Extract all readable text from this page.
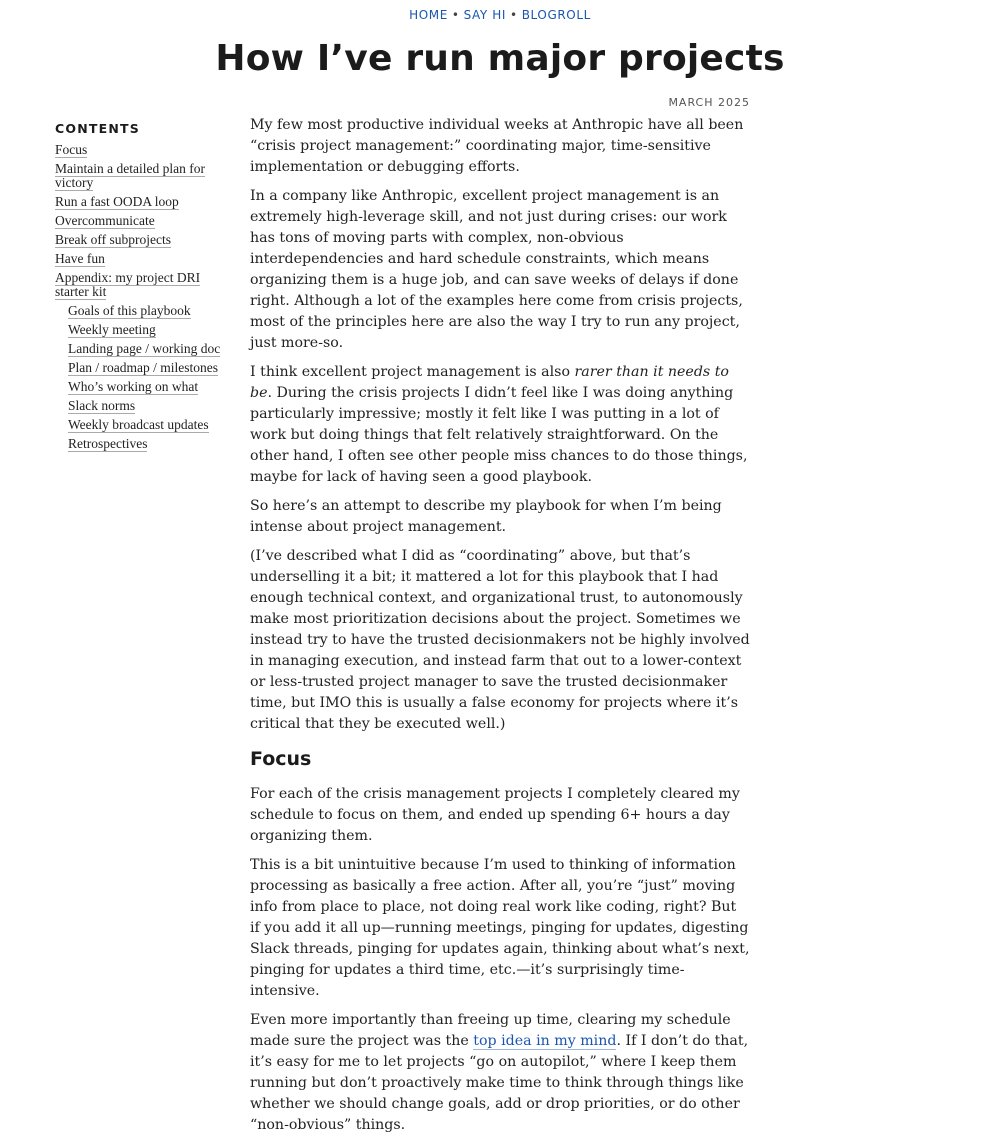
HOME • SAY HI • BLOGROLL
How I’ve run major projects
MARCH 2025
CONTENTS
Focus
Maintain a detailed plan for victory
Run a fast OODA loop
Overcommunicate
Break off subprojects
Have fun
Appendix: my project DRI starter kit
Goals of this playbook
Weekly meeting
Landing page / working doc
Plan / roadmap / milestones
Who’s working on what
Slack norms
Weekly broadcast updates
Retrospectives

My few most productive individual weeks at Anthropic have all been “crisis project management:” coordinating major, time-sensitive implementation or debugging efforts.

In a company like Anthropic, excellent project management is an extremely high-leverage skill, and not just during crises: our work has tons of moving parts with complex, non-obvious interdependencies and hard schedule constraints, which means organizing them is a huge job, and can save weeks of delays if done right. Although a lot of the examples here come from crisis projects, most of the principles here are also the way I try to run any project, just more-so.

I think excellent project management is also rarer than it needs to be. During the crisis projects I didn’t feel like I was doing anything particularly impressive; mostly it felt like I was putting in a lot of work but doing things that felt relatively straightforward. On the other hand, I often see other people miss chances to do those things, maybe for lack of having seen a good playbook.

So here’s an attempt to describe my playbook for when I’m being intense about project management.

(I’ve described what I did as “coordinating” above, but that’s underselling it a bit; it mattered a lot for this playbook that I had enough technical context, and organizational trust, to autonomously make most prioritization decisions about the project. Sometimes we instead try to have the trusted decisionmakers not be highly involved in managing execution, and instead farm that out to a lower-context or less-trusted project manager to save the trusted decisionmaker time, but IMO this is usually a false economy for projects where it’s critical that they be executed well.)

Focus

For each of the crisis management projects I completely cleared my schedule to focus on them, and ended up spending 6+ hours a day organizing them.

This is a bit unintuitive because I’m used to thinking of information processing as basically a free action. After all, you’re “just” moving info from place to place, not doing real work like coding, right? But if you add it all up—running meetings, pinging for updates, digesting Slack threads, pinging for updates again, thinking about what’s next, pinging for updates a third time, etc.—it’s surprisingly time-intensive.

Even more importantly than freeing up time, clearing my schedule made sure the project was the top idea in my mind. If I don’t do that, it’s easy for me to let projects “go on autopilot,” where I keep them running but don’t proactively make time to think through things like whether we should change goals, add or drop priorities, or do other “non-obvious” things.
